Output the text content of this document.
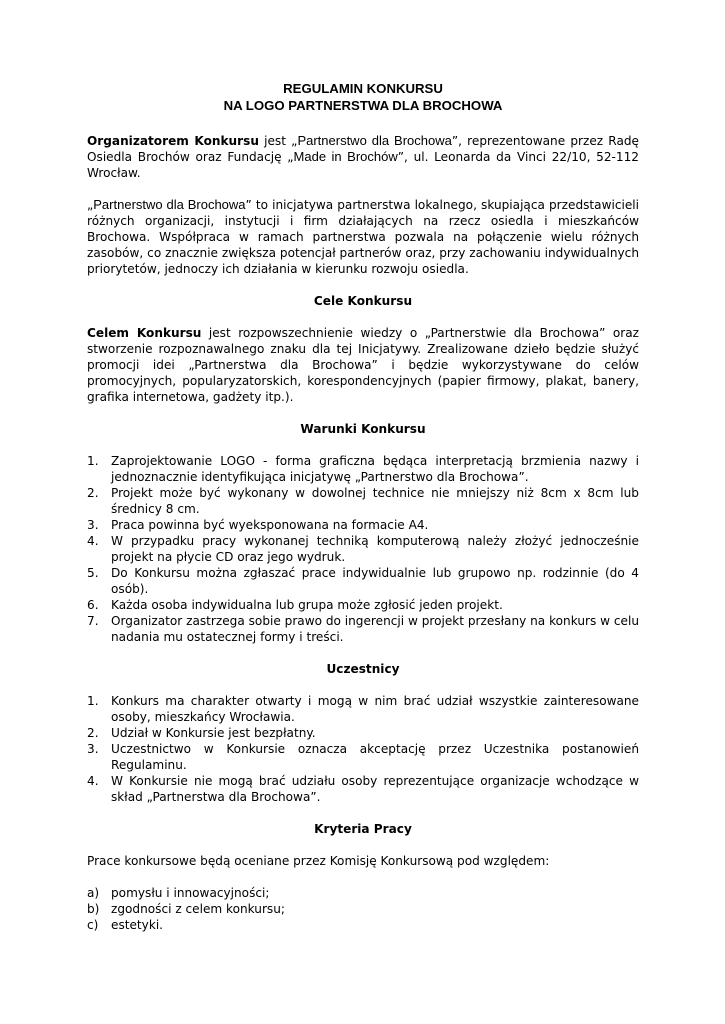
REGULAMIN KONKURSU

NA LOGO PARTNERSTWA DLA BROCHOWA

Organizatorem Konkursu jest „Partnerstwo dla Brochowa”, reprezentowane przez Radę Osiedla Brochów oraz Fundację „Made in Brochów”, ul. Leonarda da Vinci 22/10, 52-112 Wrocław.

„Partnerstwo dla Brochowa” to inicjatywa partnerstwa lokalnego, skupiająca przedstawicieli różnych organizacji, instytucji i firm działających na rzecz osiedla i mieszkańców Brochowa. Współpraca w ramach partnerstwa pozwala na połączenie wielu różnych zasobów, co znacznie zwiększa potencjał partnerów oraz, przy zachowaniu indywidualnych priorytetów, jednoczy ich działania w kierunku rozwoju osiedla.

Cele Konkursu

Celem Konkursu jest rozpowszechnienie wiedzy o „Partnerstwie dla Brochowa” oraz stworzenie rozpoznawalnego znaku dla tej Inicjatywy. Zrealizowane dzieło będzie służyć promocji idei „Partnerstwa dla Brochowa” i będzie wykorzystywane do celów promocyjnych, popularyzatorskich, korespondencyjnych (papier firmowy, plakat, banery, grafika internetowa, gadżety itp.).

Warunki Konkursu

1. Zaprojektowanie LOGO - forma graficzna będąca interpretacją brzmienia nazwy i jednoznacznie identyfikująca inicjatywę „Partnerstwo dla Brochowa”.
2. Projekt może być wykonany w dowolnej technice nie mniejszy niż 8cm x 8cm lub średnicy 8 cm.
3. Praca powinna być wyeksponowana na formacie A4.
4. W przypadku pracy wykonanej techniką komputerową należy złożyć jednocześnie projekt na płycie CD oraz jego wydruk.
5. Do Konkursu można zgłaszać prace indywidualnie lub grupowo np. rodzinnie (do 4 osób).
6. Każda osoba indywidualna lub grupa może zgłosić jeden projekt.
7. Organizator zastrzega sobie prawo do ingerencji w projekt przesłany na konkurs w celu nadania mu ostatecznej formy i treści.

Uczestnicy

1. Konkurs ma charakter otwarty i mogą w nim brać udział wszystkie zainteresowane osoby, mieszkańcy Wrocławia.
2. Udział w Konkursie jest bezpłatny.
3. Uczestnictwo w Konkursie oznacza akceptację przez Uczestnika postanowień Regulaminu.
4. W Konkursie nie mogą brać udziału osoby reprezentujące organizacje wchodzące w skład „Partnerstwa dla Brochowa”.

Kryteria Pracy

Prace konkursowe będą oceniane przez Komisję Konkursową pod względem:

a) pomysłu i innowacyjności;
b) zgodności z celem konkursu;
c) estetyki.
